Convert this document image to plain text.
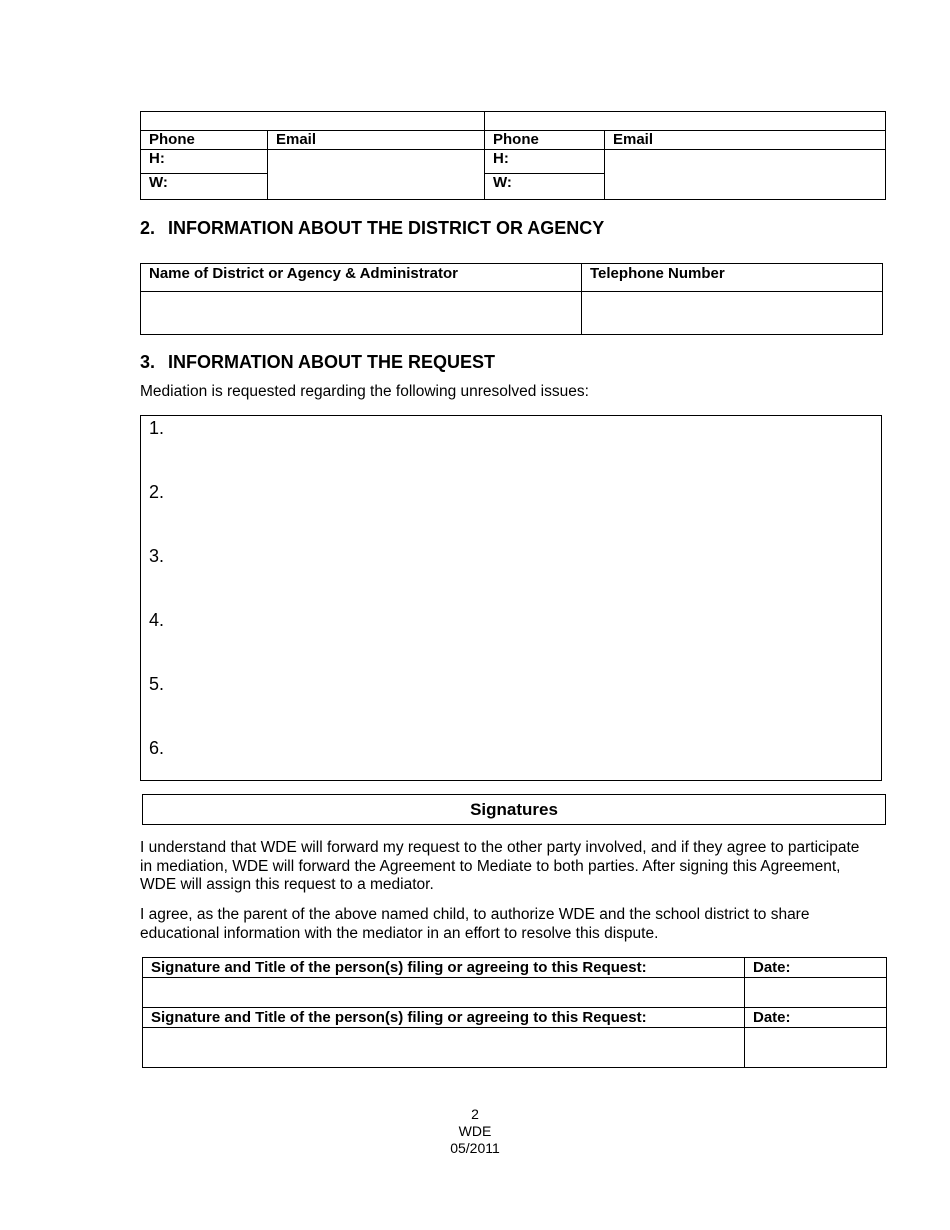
Phone	Email	Phone	Email
H:		H:	
W:		W:	
2. INFORMATION ABOUT THE DISTRICT OR AGENCY
Name of District or Agency & Administrator	Telephone Number

3. INFORMATION ABOUT THE REQUEST

Mediation is requested regarding the following unresolved issues:

1.
2.
3.
4.
5.
6.
Signatures

I understand that WDE will forward my request to the other party involved, and if they agree to participate in mediation, WDE will forward the Agreement to Mediate to both parties. After signing this Agreement, WDE will assign this request to a mediator.

I agree, as the parent of the above named child, to authorize WDE and the school district to share educational information with the mediator in an effort to resolve this dispute.

Signature and Title of the person(s) filing or agreeing to this Request:	Date:

Signature and Title of the person(s) filing or agreeing to this Request:	Date:

2
WDE
05/2011
